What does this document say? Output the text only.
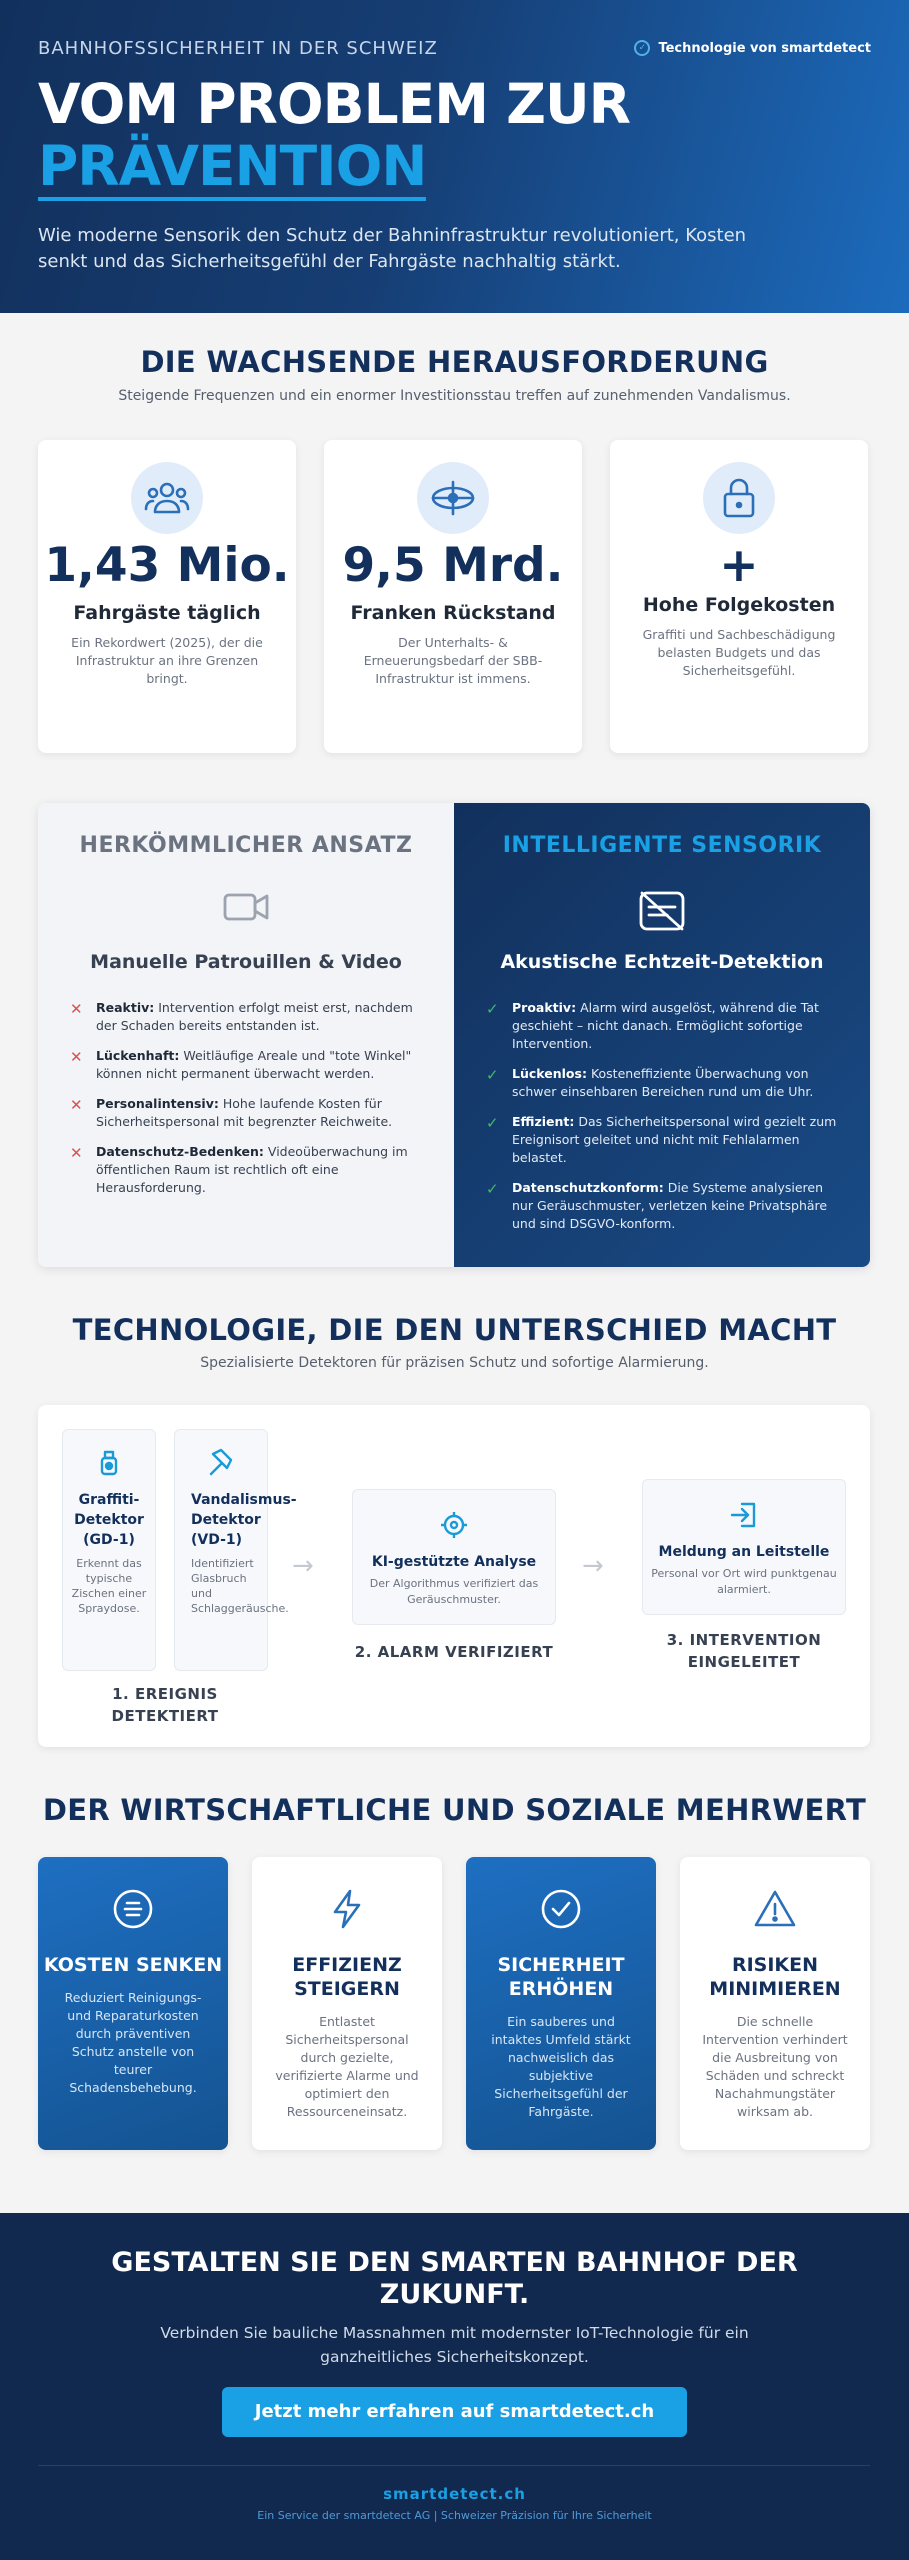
BAHNHOFSSICHERHEIT IN DER SCHWEIZ	✓ Technologie von smartdetect
VOM PROBLEM ZUR
PRÄVENTION

Wie moderne Sensorik den Schutz der Bahninfrastruktur revolutioniert, Kosten senkt und das Sicherheitsgefühl der Fahrgäste nachhaltig stärkt.

DIE WACHSENDE HERAUSFORDERUNG

Steigende Frequenzen und ein enormer Investitionsstau treffen auf zunehmenden Vandalismus.

1,43 Mio.
Fahrgäste täglich
Ein Rekordwert (2025), der die Infrastruktur an ihre Grenzen bringt.
9,5 Mrd.
Franken Rückstand
Der Unterhalts- & Erneuerungsbedarf der SBB-Infrastruktur ist immens.
+
Hohe Folgekosten
Graffiti und Sachbeschädigung belasten Budgets und das Sicherheitsgefühl.
HERKÖMMLICHER ANSATZ
Manuelle Patrouillen & Video
✕ Reaktiv: Intervention erfolgt meist erst, nachdem der Schaden bereits entstanden ist.
✕ Lückenhaft: Weitläufige Areale und "tote Winkel" können nicht permanent überwacht werden.
✕ Personalintensiv: Hohe laufende Kosten für Sicherheitspersonal mit begrenzter Reichweite.
✕ Datenschutz-Bedenken: Videoüberwachung im öffentlichen Raum ist rechtlich oft eine Herausforderung.
INTELLIGENTE SENSORIK
Akustische Echtzeit-Detektion
✓ Proaktiv: Alarm wird ausgelöst, während die Tat geschieht – nicht danach. Ermöglicht sofortige Intervention.
✓ Lückenlos: Kosteneffiziente Überwachung von schwer einsehbaren Bereichen rund um die Uhr.
✓ Effizient: Das Sicherheitspersonal wird gezielt zum Ereignisort geleitet und nicht mit Fehlalarmen belastet.
✓ Datenschutzkonform: Die Systeme analysieren nur Geräuschmuster, verletzen keine Privatsphäre und sind DSGVO-konform.
TECHNOLOGIE, DIE DEN UNTERSCHIED MACHT

Spezialisierte Detektoren für präzisen Schutz und sofortige Alarmierung.

Graffiti-Detektor (GD-1)
Erkennt das typische Zischen einer Spraydose.
Vandalismus-Detektor (VD-1)
Identifiziert Glasbruch und Schlaggeräusche.
→	KI-gestützte Analyse
Der Algorithmus verifiziert das Geräuschmuster.
→	Meldung an Leitstelle
Personal vor Ort wird punktgenau alarmiert.
1. EREIGNIS DETEKTIERT
2. ALARM VERIFIZIERT
3. INTERVENTION EINGELEITET
DER WIRTSCHAFTLICHE UND SOZIALE MEHRWERT
KOSTEN SENKEN
Reduziert Reinigungs- und Reparaturkosten durch präventiven Schutz anstelle von teurer Schadensbehebung.
EFFIZIENZ STEIGERN
Entlastet Sicherheitspersonal durch gezielte, verifizierte Alarme und optimiert den Ressourceneinsatz.
SICHERHEIT ERHÖHEN
Ein sauberes und intaktes Umfeld stärkt nachweislich das subjektive Sicherheitsgefühl der Fahrgäste.
RISIKEN MINIMIEREN
Die schnelle Intervention verhindert die Ausbreitung von Schäden und schreckt Nachahmungstäter wirksam ab.
GESTALTEN SIE DEN SMARTEN BAHNHOF DER ZUKUNFT.
Verbinden Sie bauliche Massnahmen mit modernster IoT-Technologie für ein ganzheitliches Sicherheitskonzept.
Jetzt mehr erfahren auf smartdetect.ch
smartdetect.ch
Ein Service der smartdetect AG | Schweizer Präzision für Ihre Sicherheit
